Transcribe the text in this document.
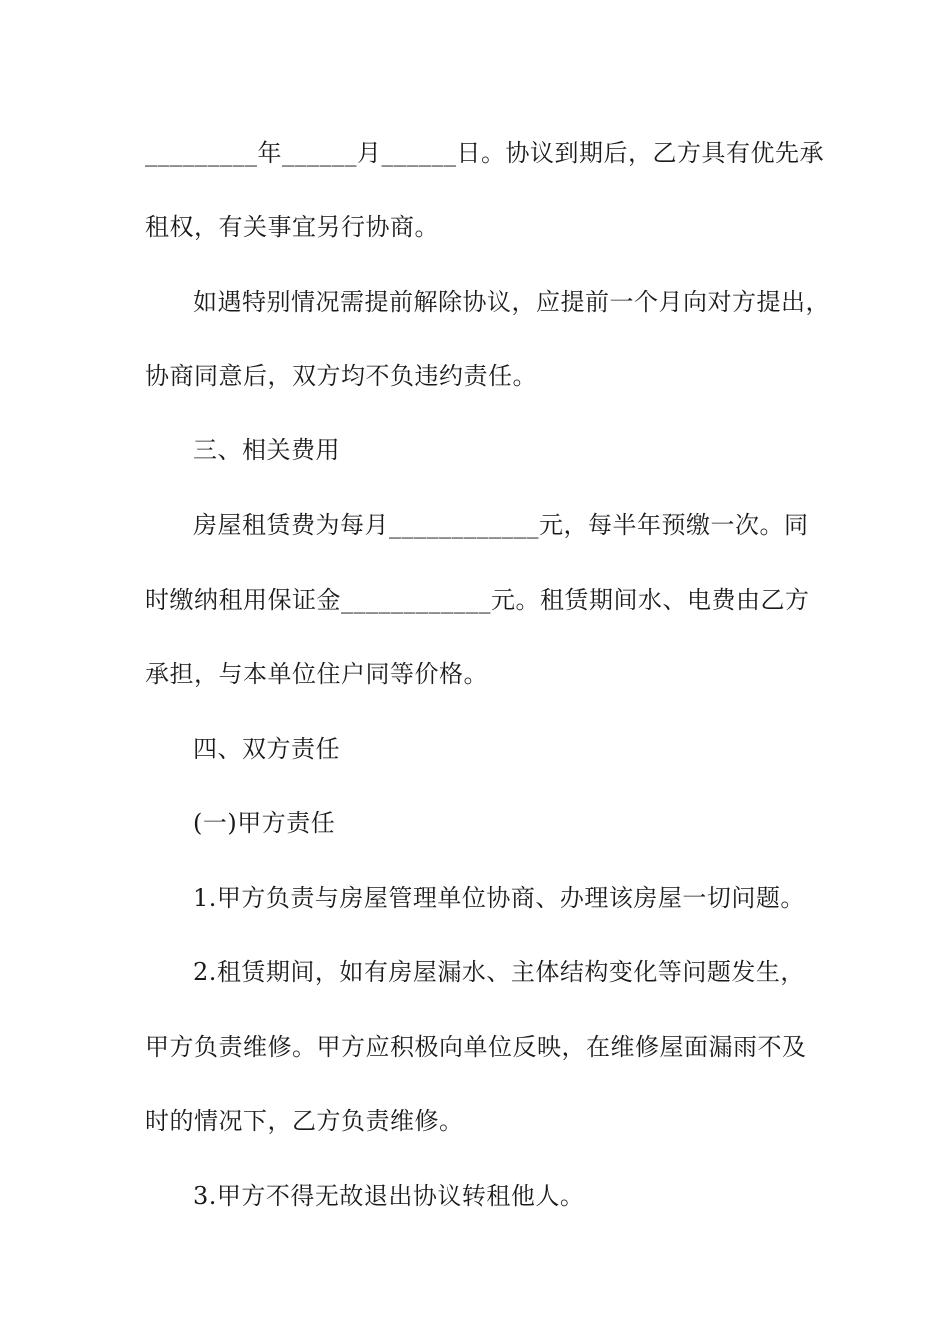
_________年______月______日。协议到期后，乙方具有优先承
租权，有关事宜另行协商。
如遇特别情况需提前解除协议，应提前一个月向对方提出，
协商同意后，双方均不负违约责任。
三、相关费用
房屋租赁费为每月____________元，每半年预缴一次。同
时缴纳租用保证金____________元。租赁期间水、电费由乙方
承担，与本单位住户同等价格。
四、双方责任
(一)甲方责任
1.甲方负责与房屋管理单位协商、办理该房屋一切问题。
2.租赁期间，如有房屋漏水、主体结构变化等问题发生，
甲方负责维修。甲方应积极向单位反映，在维修屋面漏雨不及
时的情况下，乙方负责维修。
3.甲方不得无故退出协议转租他人。
